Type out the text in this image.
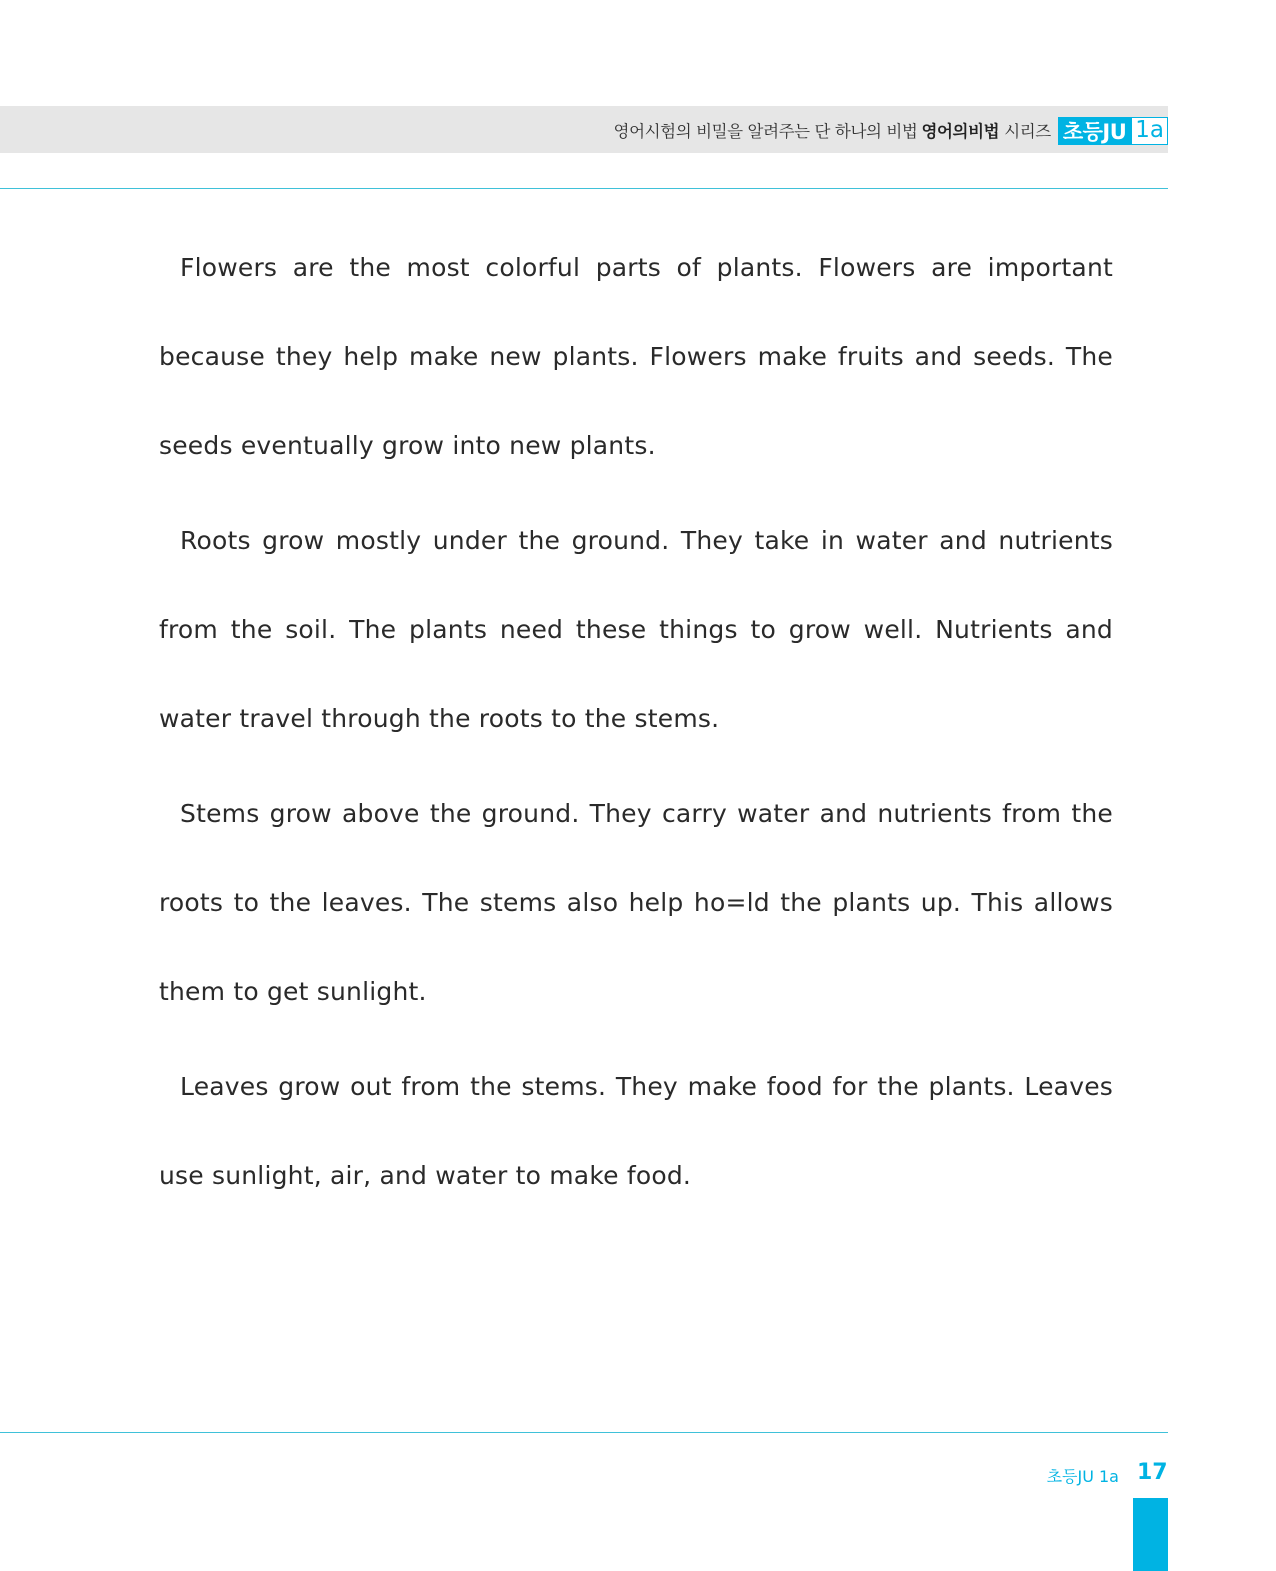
영어시험의 비밀을 알려주는 단 하나의 비법 영어의비법 시리즈 초등JU 1a

Flowers are the most colorful parts of plants. Flowers are important because they help make new plants. Flowers make fruits and seeds. The seeds eventually grow into new plants.

Roots grow mostly under the ground. They take in water and nutrients from the soil. The plants need these things to grow well. Nutrients and water travel through the roots to the stems.

Stems grow above the ground. They carry water and nutrients from the roots to the leaves. The stems also help ho=ld the plants up. This allows them to get sunlight.

Leaves grow out from the stems. They make food for the plants. Leaves use sunlight, air, and water to make food.

초등JU 1a 17
